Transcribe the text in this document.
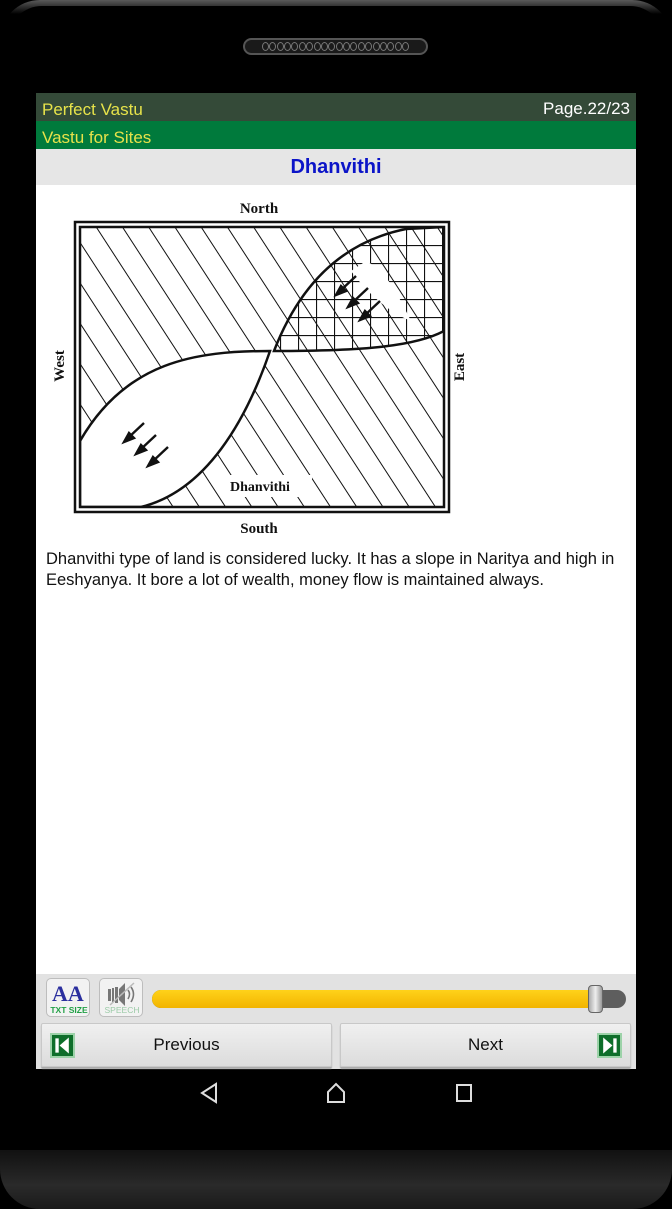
Perfect Vastu	Page.22/23
Vastu for Sites
Dhanvithi
North
South
Dhanvithi
West	East

Dhanvithi type of land is considered lucky. It has a slope in Naritya and high in Eeshyanya. It bore a lot of wealth, money flow is maintained always.

AA
TXT SIZE	SPEECH
Previous	Next
